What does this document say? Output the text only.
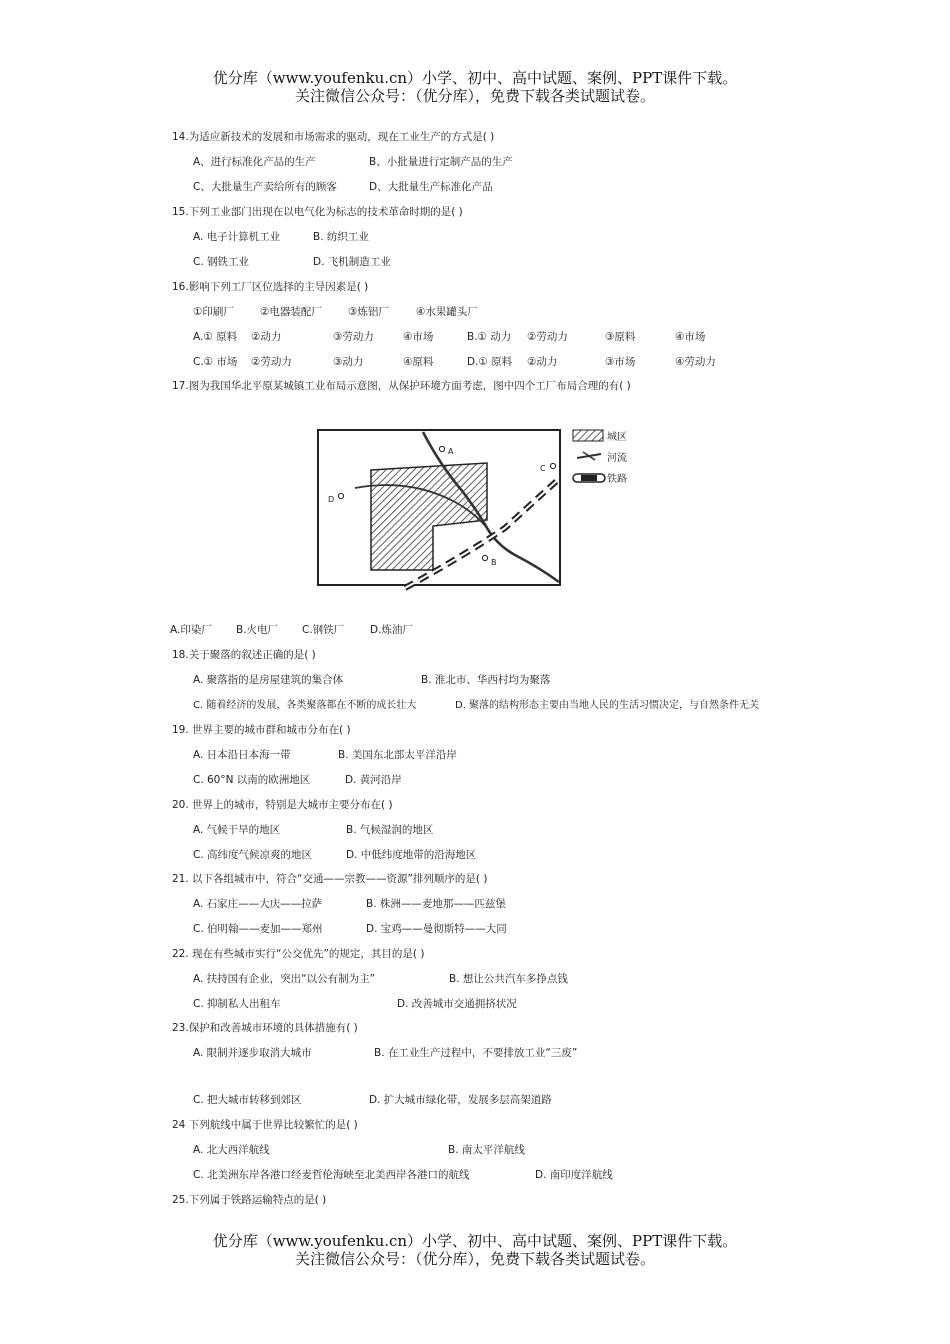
优分库（www.youfenku.cn）小学、初中、高中试题、案例、PPT课件下载。
关注微信公众号：（优分库），免费下载各类试题试卷。
14.为适应新技术的发展和市场需求的驱动，现在工业生产的方式是( )
A、进行标准化产品的生产	B、小批量进行定制产品的生产
C、大批量生产卖给所有的顾客	D、大批量生产标准化产品
15.下列工业部门出现在以电气化为标志的技术革命时期的是( )
A. 电子计算机工业	B. 纺织工业
C. 钢铁工业	D. 飞机制造工业
16.影响下列工厂区位选择的主导因素是( )
①印刷厂 ②电器装配厂 ③炼铝厂	④水果罐头厂
A.① 原料 ②动力	③劳动力	④市场	B.① 动力 ②劳动力	③原料	④市场
C.① 市场 ②劳动力	③动力	④原料	D.① 原料 ②动力	③市场	④劳动力
17.图为我国华北平原某城镇工业布局示意图，从保护环境方面考虑，图中四个工厂布局合理的有( )
A
B
C
D
城区
河流
铁路
A.印染厂 B.火电厂 C.钢铁厂 D.炼油厂
18.关于聚落的叙述正确的是( )
A. 聚落指的是房屋建筑的集合体	B. 淮北市、华西村均为聚落
C. 随着经济的发展，各类聚落都在不断的成长壮大	D. 聚落的结构形态主要由当地人民的生活习惯决定，与自然条件无关
19. 世界主要的城市群和城市分布在( )
A. 日本沿日本海一带	B. 美国东北部太平洋沿岸
C. 60°N 以南的欧洲地区	D. 黄河沿岸
20. 世界上的城市，特别是大城市主要分布在( )
A. 气候干旱的地区	B. 气候湿润的地区
C. 高纬度气候凉爽的地区	D. 中低纬度地带的沿海地区
21. 以下各组城市中，符合“交通——宗教——资源”排列顺序的是( )
A. 石家庄——大庆——拉萨	B. 株洲——麦地那——匹兹堡
C. 伯明翰——麦加——郑州	D. 宝鸡——曼彻斯特——大同
22. 现在有些城市实行“公交优先”的规定，其目的是( )
A. 扶持国有企业，突出“以公有制为主”	B. 想让公共汽车多挣点钱
C. 抑制私人出租车	D. 改善城市交通拥挤状况
23.保护和改善城市环境的具体措施有( )
A. 限制并逐步取消大城市	B. 在工业生产过程中，不要排放工业“三废”
C. 把大城市转移到郊区	D. 扩大城市绿化带，发展多层高架道路
24 下列航线中属于世界比较繁忙的是( )
A. 北大西洋航线	B. 南太平洋航线
C. 北美洲东岸各港口经麦哲伦海峡至北美西岸各港口的航线	D. 南印度洋航线
25.下列属于铁路运输特点的是( )
优分库（www.youfenku.cn）小学、初中、高中试题、案例、PPT课件下载。
关注微信公众号：（优分库），免费下载各类试题试卷。
